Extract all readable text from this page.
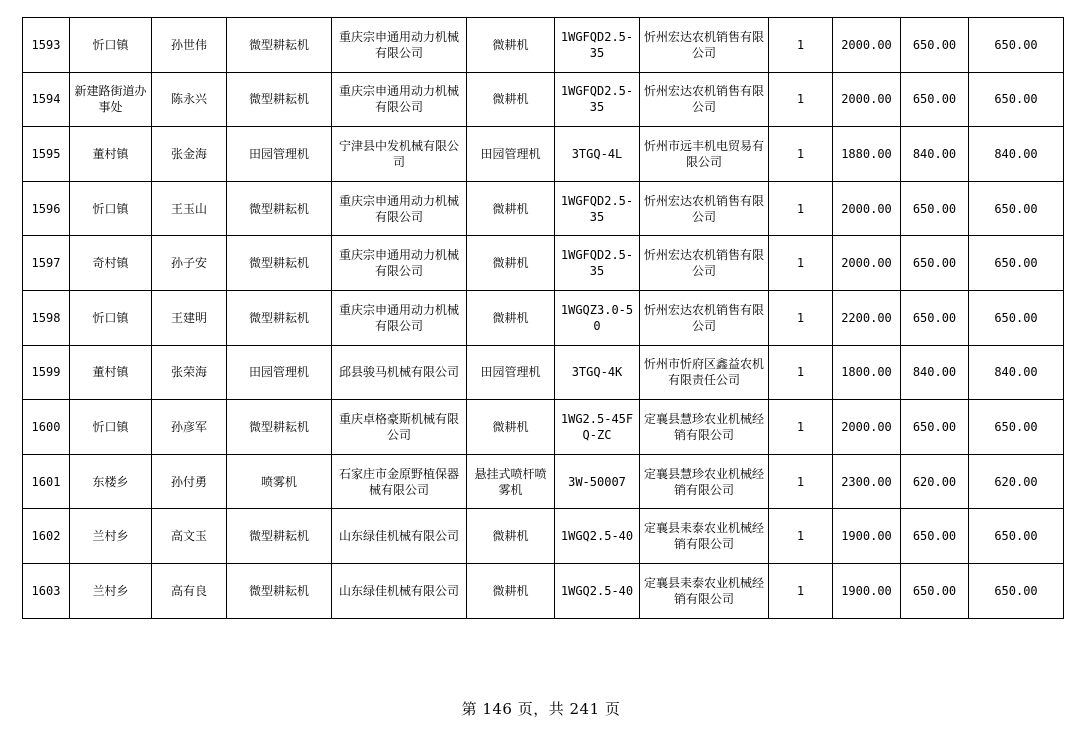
1593	忻口镇	孙世伟	微型耕耘机	重庆宗申通用动力机械有限公司	微耕机	1WGFQD2.5-35	忻州宏达农机销售有限公司	1	2000.00	650.00	650.00
1594	新建路街道办事处	陈永兴	微型耕耘机	重庆宗申通用动力机械有限公司	微耕机	1WGFQD2.5-35	忻州宏达农机销售有限公司	1	2000.00	650.00	650.00
1595	董村镇	张金海	田园管理机	宁津县中发机械有限公司	田园管理机	3TGQ-4L	忻州市远丰机电贸易有限公司	1	1880.00	840.00	840.00
1596	忻口镇	王玉山	微型耕耘机	重庆宗申通用动力机械有限公司	微耕机	1WGFQD2.5-35	忻州宏达农机销售有限公司	1	2000.00	650.00	650.00
1597	奇村镇	孙子安	微型耕耘机	重庆宗申通用动力机械有限公司	微耕机	1WGFQD2.5-35	忻州宏达农机销售有限公司	1	2000.00	650.00	650.00
1598	忻口镇	王建明	微型耕耘机	重庆宗申通用动力机械有限公司	微耕机	1WGQZ3.0-50	忻州宏达农机销售有限公司	1	2200.00	650.00	650.00
1599	董村镇	张荣海	田园管理机	邱县骏马机械有限公司	田园管理机	3TGQ-4K	忻州市忻府区鑫益农机有限责任公司	1	1800.00	840.00	840.00
1600	忻口镇	孙彦军	微型耕耘机	重庆卓格豪斯机械有限公司	微耕机	1WG2.5-45FQ-ZC	定襄县慧珍农业机械经销有限公司	1	2000.00	650.00	650.00
1601	东楼乡	孙付勇	喷雾机	石家庄市金原野植保器械有限公司	悬挂式喷杆喷雾机	3W-50007	定襄县慧珍农业机械经销有限公司	1	2300.00	620.00	620.00
1602	兰村乡	高文玉	微型耕耘机	山东绿佳机械有限公司	微耕机	1WGQ2.5-40	定襄县耒泰农业机械经销有限公司	1	1900.00	650.00	650.00
1603	兰村乡	高有良	微型耕耘机	山东绿佳机械有限公司	微耕机	1WGQ2.5-40	定襄县耒泰农业机械经销有限公司	1	1900.00	650.00	650.00
第 146 页，共 241 页
